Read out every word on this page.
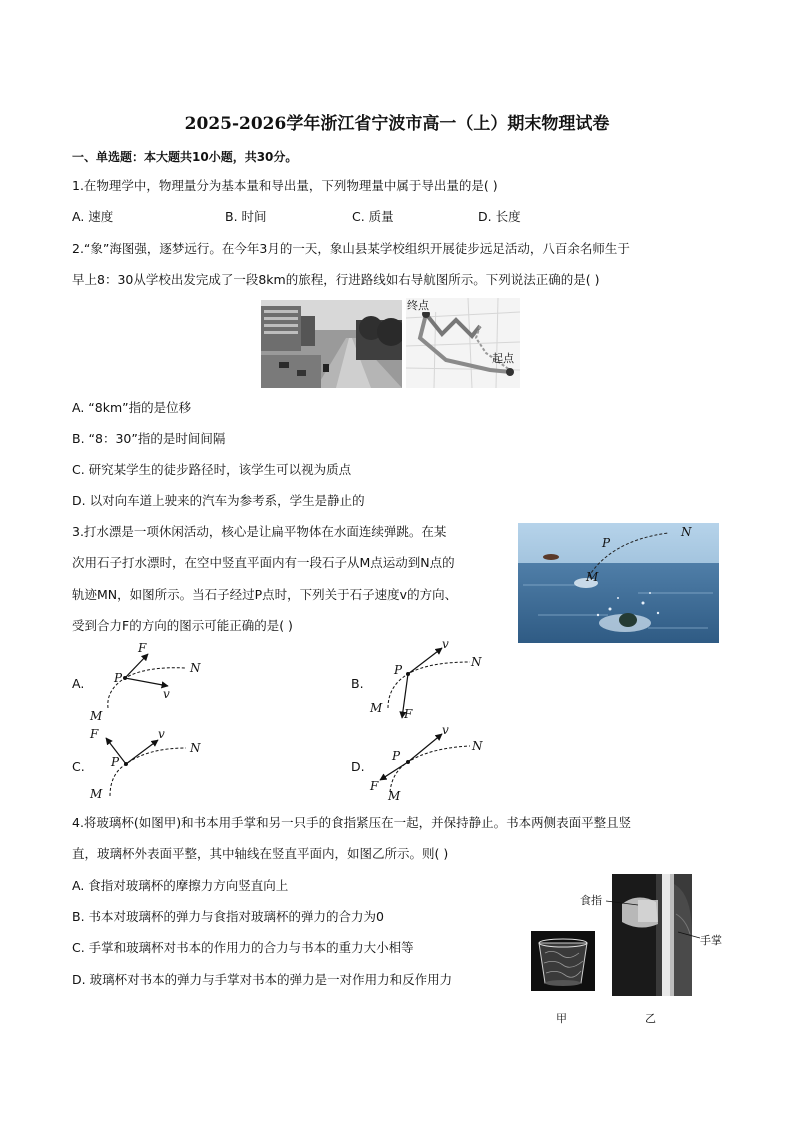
2025-2026学年浙江省宁波市高一（上）期末物理试卷
一、单选题：本大题共10小题，共30分。
1.在物理学中，物理量分为基本量和导出量，下列物理量中属于导出量的是( )
A. 速度	B. 时间	C. 质量	D. 长度
2.“象”海图强，逐梦远行。在今年3月的一天，象山县某学校组织开展徒步远足活动，八百余名师生于
早上8：30从学校出发完成了一段8km的旅程，行进路线如右导航图所示。下列说法正确的是( )
终点
起点
A. “8km”指的是位移
B. “8：30”指的是时间间隔
C. 研究某学生的徒步路径时，该学生可以视为质点
D. 以对向车道上驶来的汽车为参考系，学生是静止的
3.打水漂是一项休闲活动，核心是让扁平物体在水面连续弹跳。在某
次用石子打水漂时，在空中竖直平面内有一段石子从M点运动到N点的
轨迹MN，如图所示。当石子经过P点时，下列关于石子速度v的方向、
受到合力F的方向的图示可能正确的是( )
P
N
M
A.
F
P
v
N
M
B.
v
P
N
M F
C.
F	v
P
N
M
D.
v
P
N
F
M
4.将玻璃杯(如图甲)和书本用手掌和另一只手的食指紧压在一起，并保持静止。书本两侧表面平整且竖
直，玻璃杯外表面平整，其中轴线在竖直平面内，如图乙所示。则( )
A. 食指对玻璃杯的摩擦力方向竖直向上
B. 书本对玻璃杯的弹力与食指对玻璃杯的弹力的合力为0
C. 手掌和玻璃杯对书本的作用力的合力与书本的重力大小相等
D. 玻璃杯对书本的弹力与手掌对书本的弹力是一对作用力和反作用力
食指
手掌
甲	乙
